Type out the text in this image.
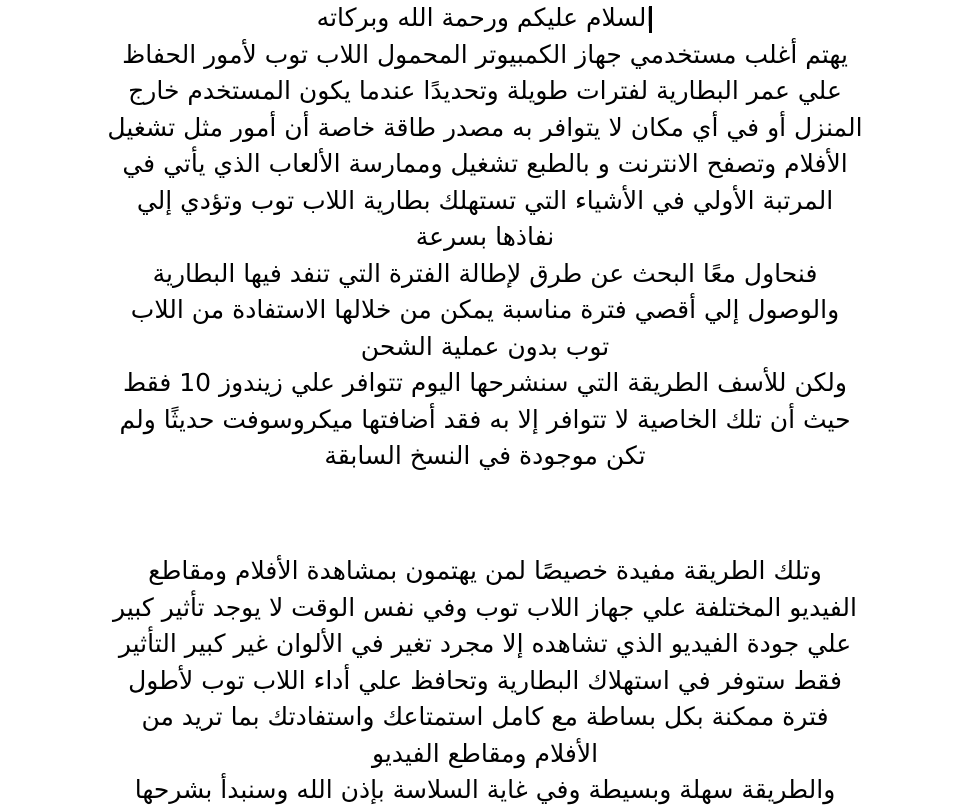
السلام عليكم ورحمة الله وبركاته
يهتم أغلب مستخدمي جهاز الكمبيوتر المحمول اللاب توب لأمور الحفاظ
علي عمر البطارية لفترات طويلة وتحديدًا عندما يكون المستخدم خارج
المنزل أو في أي مكان لا يتوافر به مصدر طاقة خاصة أن أمور مثل تشغيل
الأفلام وتصفح الانترنت و بالطبع تشغيل وممارسة الألعاب الذي يأتي في
المرتبة الأولي في الأشياء التي تستهلك بطارية اللاب توب وتؤدي إلي
نفاذها بسرعة
فنحاول معًا البحث عن طرق لإطالة الفترة التي تنفد فيها البطارية
والوصول إلي أقصي فترة مناسبة يمكن من خلالها الاستفادة من اللاب
توب بدون عملية الشحن
ولكن للأسف الطريقة التي سنشرحها اليوم تتوافر علي زيندوز 10 فقط
حيث أن تلك الخاصية لا تتوافر إلا به فقد أضافتها ميكروسوفت حديثًا ولم
تكن موجودة في النسخ السابقة
وتلك الطريقة مفيدة خصيصًا لمن يهتمون بمشاهدة الأفلام ومقاطع
الفيديو المختلفة علي جهاز اللاب توب وفي نفس الوقت لا يوجد تأثير كبير
علي جودة الفيديو الذي تشاهده إلا مجرد تغير في الألوان غير كبير التأثير
فقط ستوفر في استهلاك البطارية وتحافظ علي أداء اللاب توب لأطول
فترة ممكنة بكل بساطة مع كامل استمتاعك واستفادتك بما تريد من
الأفلام ومقاطع الفيديو
والطريقة سهلة وبسيطة وفي غاية السلاسة بإذن الله وسنبدأ بشرحها
